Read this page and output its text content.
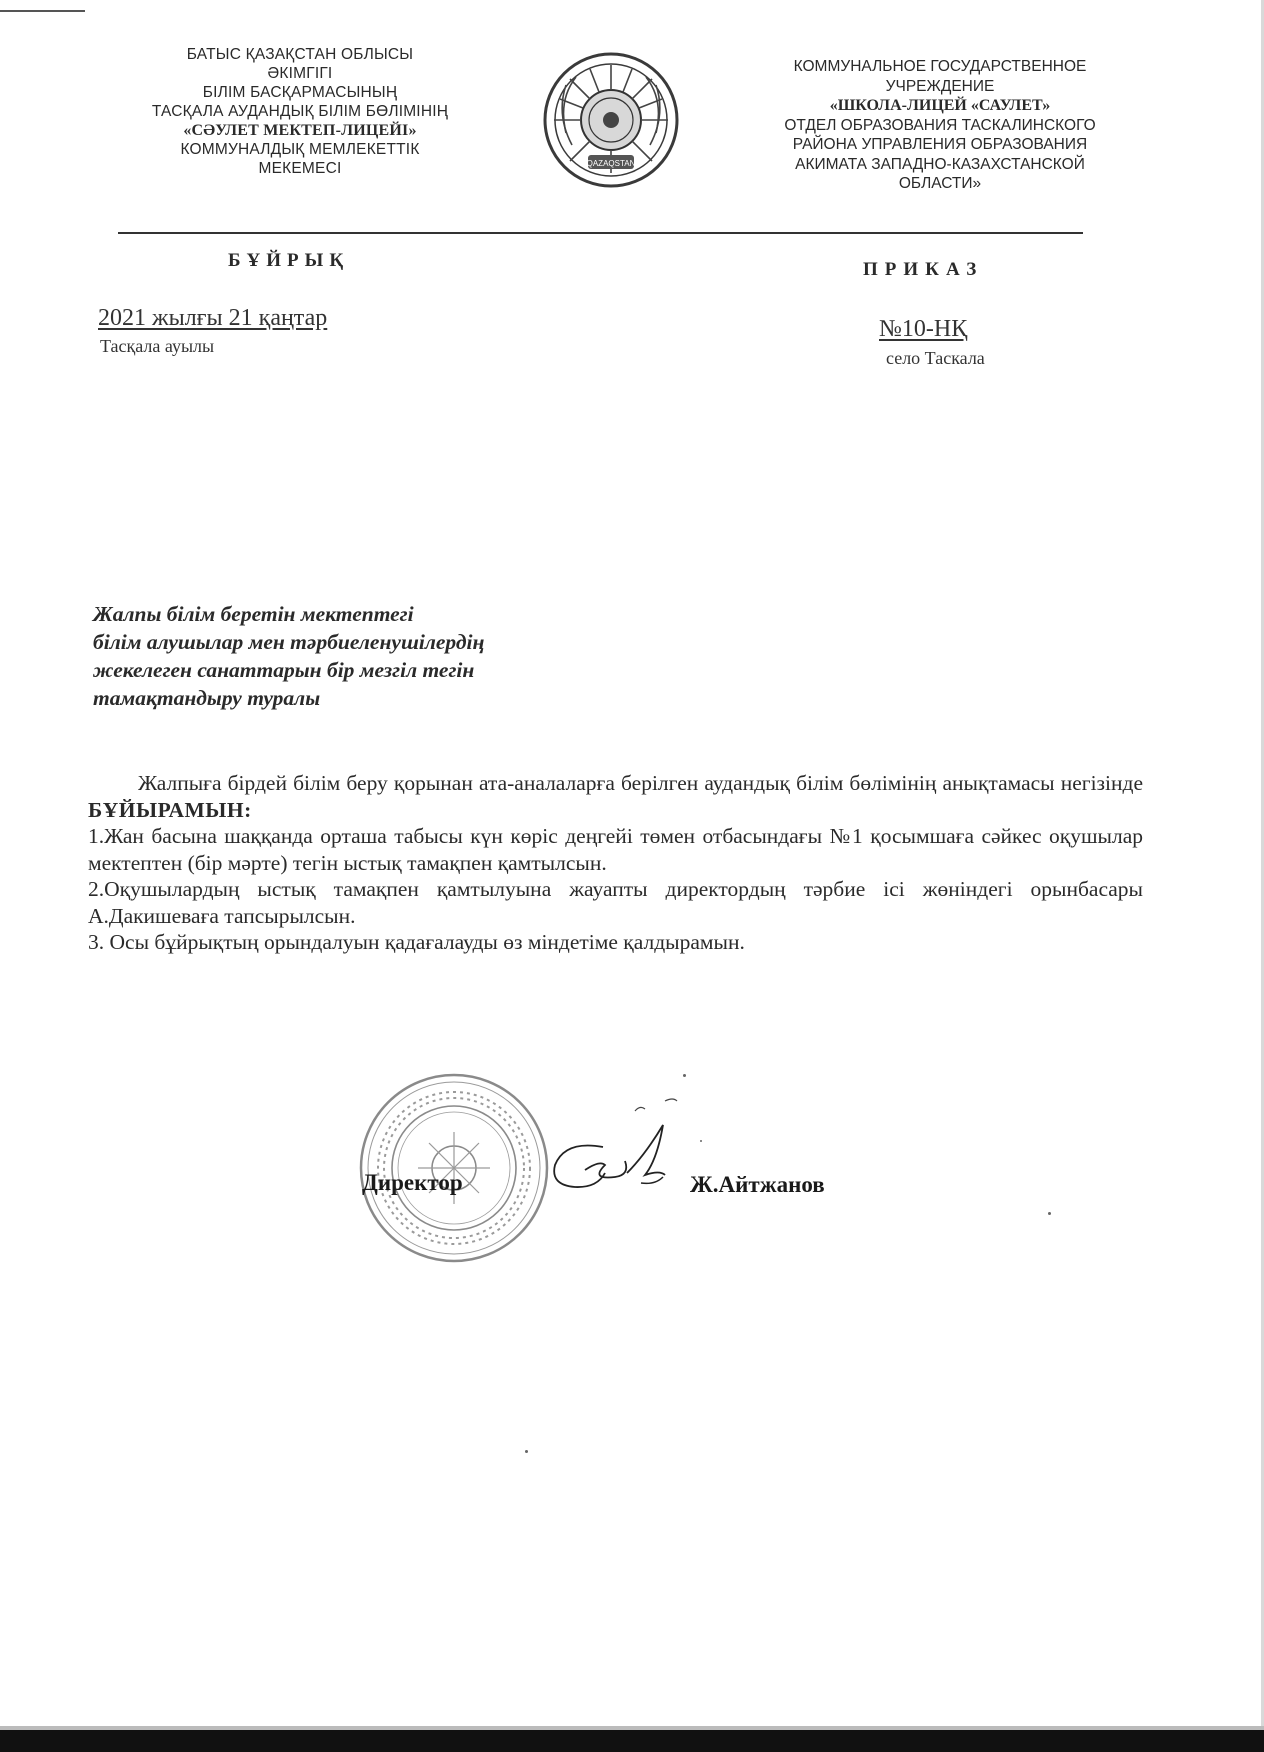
БАТЫС ҚАЗАҚСТАН ОБЛЫСЫ
ӘКІМГІГІ
БІЛІМ БАСҚАРМАСЫНЫҢ
ТАСҚАЛА АУДАНДЫҚ БІЛІМ БӨЛІМІНІҢ
«СӘУЛЕТ МЕКТЕП-ЛИЦЕЙІ»
КОММУНАЛДЫҚ МЕМЛЕКЕТТІК
МЕКЕМЕСІ	QAZAQSTAN
КОММУНАЛЬНОЕ ГОСУДАРСТВЕННОЕ
УЧРЕЖДЕНИЕ
«ШКОЛА-ЛИЦЕЙ «САУЛЕТ»
ОТДЕЛ ОБРАЗОВАНИЯ ТАСКАЛИНСКОГО
РАЙОНА УПРАВЛЕНИЯ ОБРАЗОВАНИЯ
АКИМАТА ЗАПАДНО-КАЗАХСТАНСКОЙ
ОБЛАСТИ»
БҰЙРЫҚ	ПРИКАЗ
2021 жылғы 21 қаңтар
Тасқала ауылы
№10-НҚ
село Таскала
Жалпы білім беретін мектептегі
білім алушылар мен тәрбиеленушілердің
жекелеген санаттарын бір мезгіл тегін
тамақтандыру туралы

Жалпыға бірдей білім беру қорынан ата-аналаларға берілген аудандық білім бөлімінің анықтамасы негізінде БҰЙЫРАМЫН:

1.Жан басына шаққанда орташа табысы күн көріс деңгейі төмен отбасындағы №1 қосымшаға сәйкес оқушылар мектептен (бір мәрте) тегін ыстық тамақпен қамтылсын.

2.Оқушылардың ыстық тамақпен қамтылуына жауапты директордың тәрбие ісі жөніндегі орынбасары А.Дакишеваға тапсырылсын.

3. Осы бұйрықтың орындалуын қадағалауды өз міндетіме қалдырамын.

Директор	Ж.Айтжанов
